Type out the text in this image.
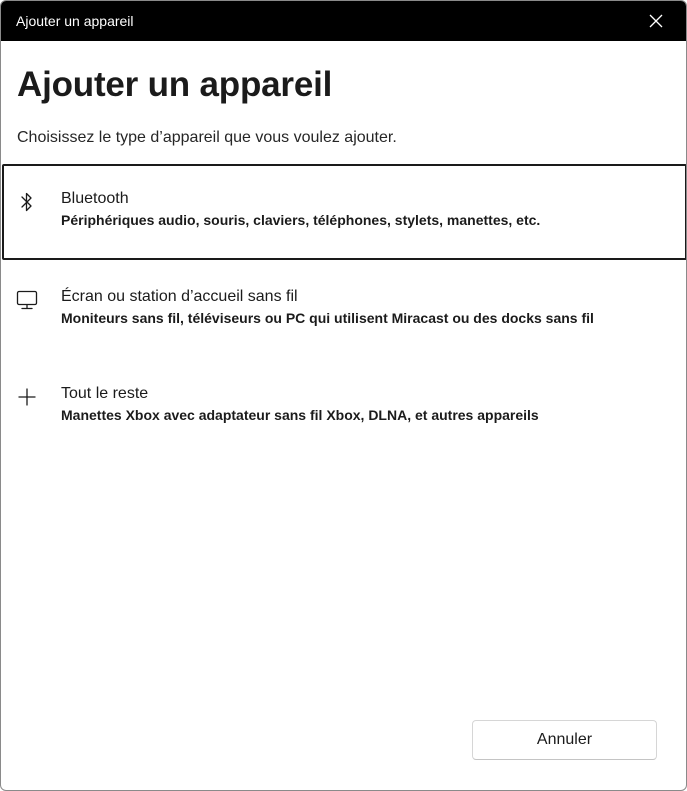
Ajouter un appareil
Ajouter un appareil
Choisissez le type d’appareil que vous voulez ajouter.
Bluetooth
Périphériques audio, souris, claviers, téléphones, stylets, manettes, etc.
Écran ou station d’accueil sans fil
Moniteurs sans fil, téléviseurs ou PC qui utilisent Miracast ou des docks sans fil
Tout le reste
Manettes Xbox avec adaptateur sans fil Xbox, DLNA, et autres appareils
Annuler
